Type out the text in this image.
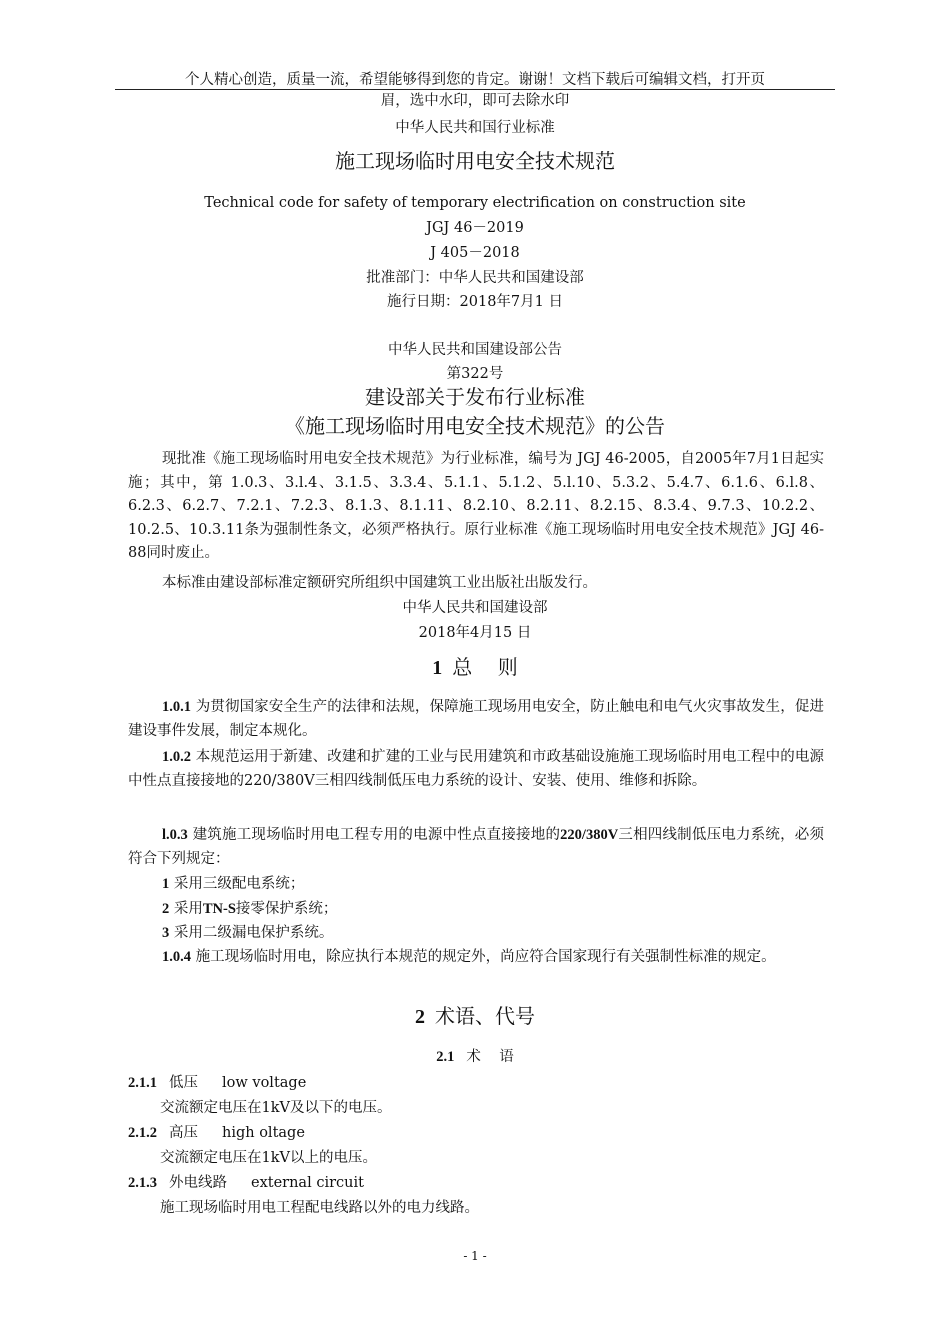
个人精心创造，质量一流，希望能够得到您的肯定。谢谢！文档下载后可编辑文档，打开页
眉，选中水印，即可去除水印
中华人民共和国行业标准
施工现场临时用电安全技术规范
Technical code for safety of temporary electrification on construction site
JGJ 46－2019
J 405－2018
批准部门：中华人民共和国建设部
施行日期：2018年7月1 日
中华人民共和国建设部公告
第322号
建设部关于发布行业标准
《施工现场临时用电安全技术规范》的公告
现批准《施工现场临时用电安全技术规范》为行业标准，编号为 JGJ 46-2005，自2005年7月1日起实施；其中，第 1.0.3、3.l.4、3.1.5、3.3.4、5.1.1、5.1.2、5.l.10、5.3.2、5.4.7、6.1.6、6.l.8、6.2.3、6.2.7、7.2.1、7.2.3、8.1.3、8.1.11、8.2.10、8.2.11、8.2.15、8.3.4、9.7.3、10.2.2、10.2.5、10.3.11条为强制性条文，必须严格执行。原行业标准《施工现场临时用电安全技术规范》JGJ 46-88同时废止。
本标准由建设部标准定额研究所组织中国建筑工业出版社出版发行。
中华人民共和国建设部
2018年4月15 日
1 总    则
1.0.1 为贯彻国家安全生产的法律和法规，保障施工现场用电安全，防止触电和电气火灾事故发生，促进建设事件发展，制定本规化。
1.0.2 本规范运用于新建、改建和扩建的工业与民用建筑和市政基础设施施工现场临时用电工程中的电源中性点直接接地的220/380V三相四线制低压电力系统的设计、安装、使用、维修和拆除。
l.0.3 建筑施工现场临时用电工程专用的电源中性点直接接地的220/380V三相四线制低压电力系统，必须符合下列规定：
1 采用三级配电系统；
2 采用TN-S接零保护系统；
3 采用二级漏电保护系统。
1.0.4 施工现场临时用电，除应执行本规范的规定外，尚应符合国家现行有关强制性标准的规定。
2 术语、代号
2.1 术    语
2.1.1 低压 low voltage
交流额定电压在1kV及以下的电压。
2.1.2 高压 high oltage
交流额定电压在1kV以上的电压。
2.1.3 外电线路 external circuit
施工现场临时用电工程配电线路以外的电力线路。
- 1 -
